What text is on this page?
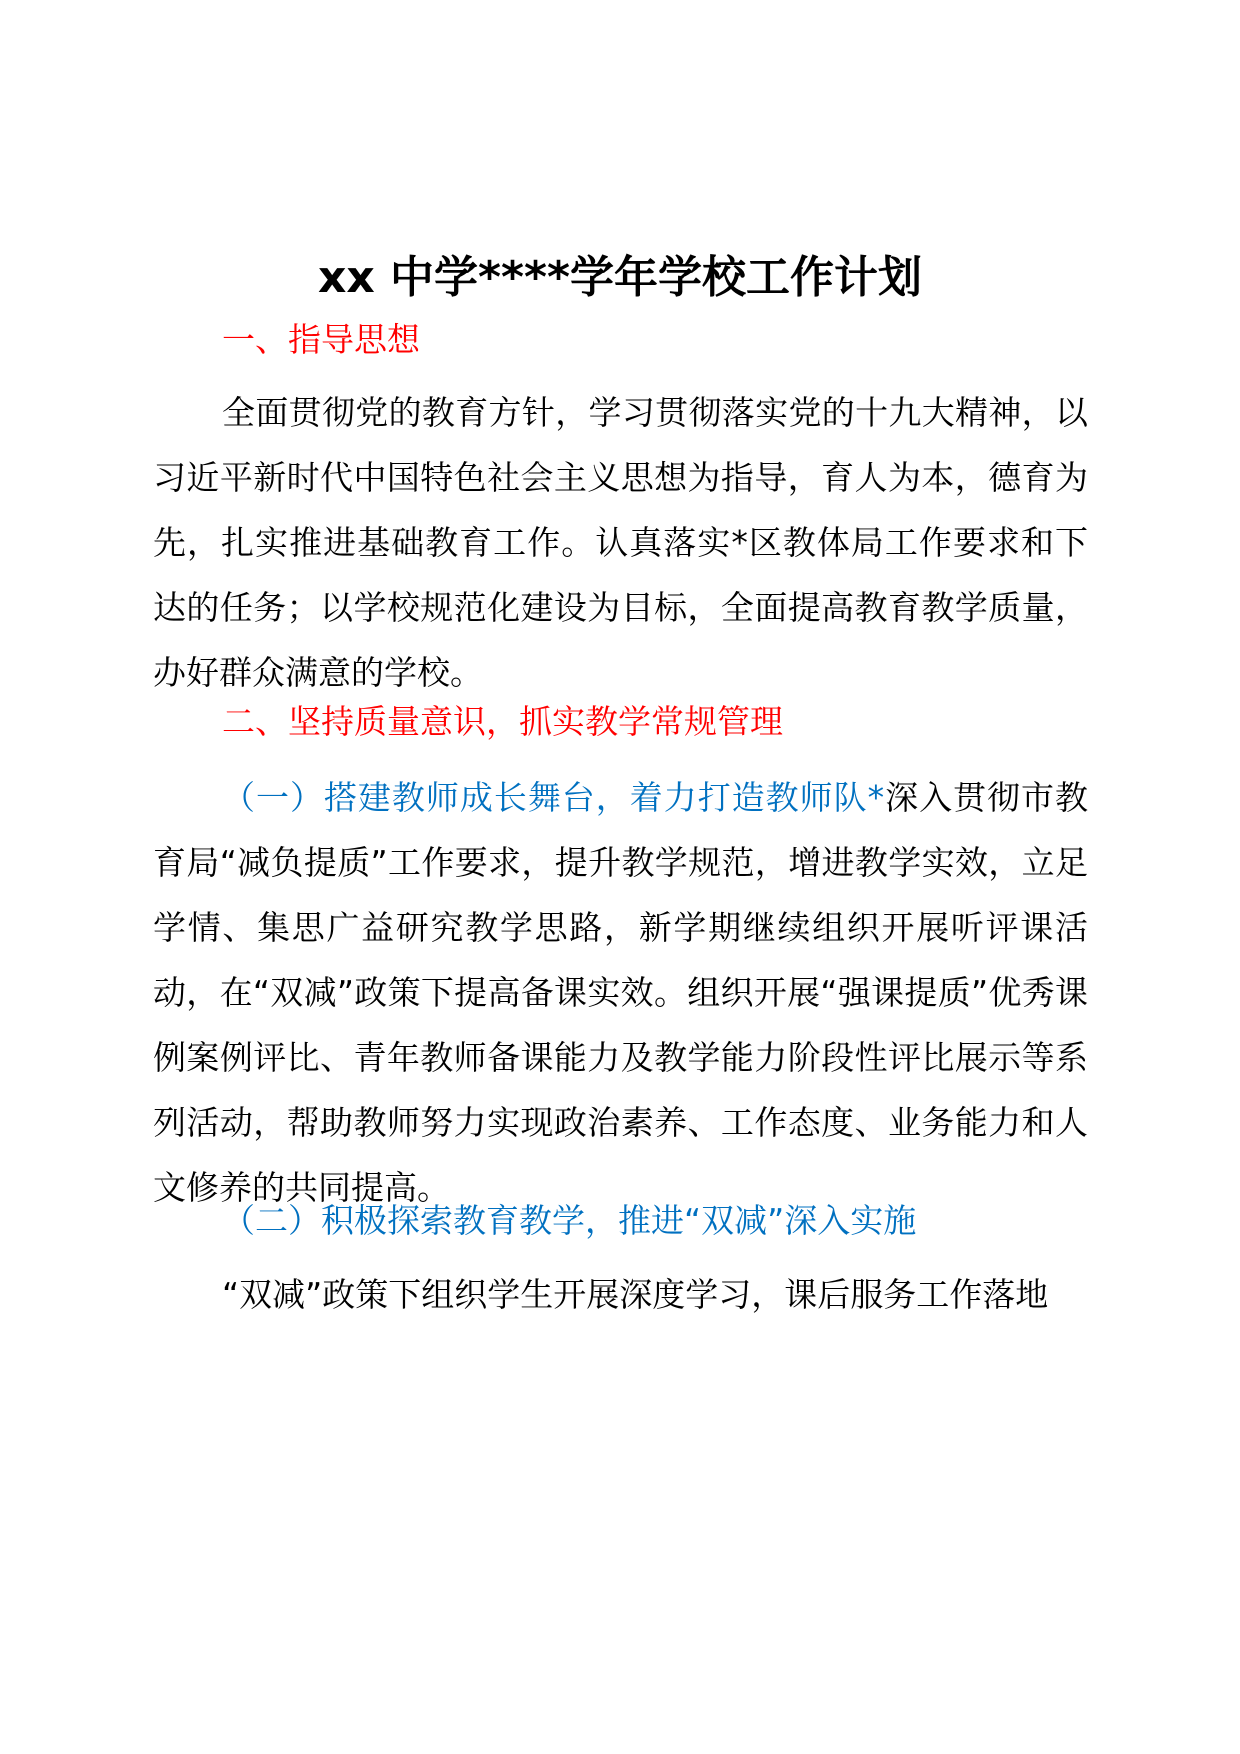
xx 中学****学年学校工作计划
一、指导思想
全面贯彻党的教育方针，学习贯彻落实党的十九大精神，以习近平新时代中国特色社会主义思想为指导，育人为本，德育为先，扎实推进基础教育工作。认真落实*区教体局工作要求和下达的任务；以学校规范化建设为目标，全面提高教育教学质量，办好群众满意的学校。
二、坚持质量意识，抓实教学常规管理
（一）搭建教师成长舞台，着力打造教师队*深入贯彻市教育局“减负提质”工作要求，提升教学规范，增进教学实效，立足学情、集思广益研究教学思路，新学期继续组织开展听评课活动，在“双减”政策下提高备课实效。组织开展“强课提质”优秀课例案例评比、青年教师备课能力及教学能力阶段性评比展示等系列活动，帮助教师努力实现政治素养、工作态度、业务能力和人文修养的共同提高。
（二）积极探索教育教学，推进“双减”深入实施
“双减”政策下组织学生开展深度学习，课后服务工作落地
